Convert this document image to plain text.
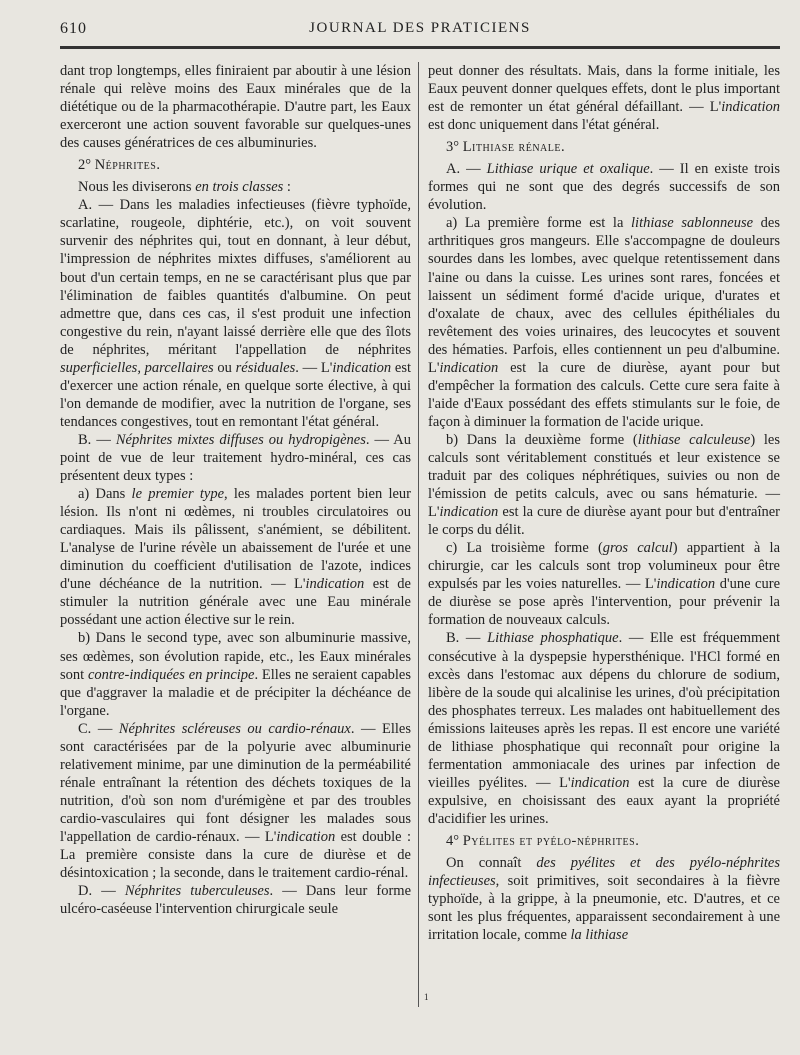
610	JOURNAL DES PRATICIENS

dant trop longtemps, elles finiraient par aboutir à une lésion rénale qui relève moins des Eaux minérales que de la diététique ou de la pharmacothérapie. D'autre part, les Eaux exerceront une action souvent favorable sur quelques-unes des causes génératrices de ces albuminuries.

2° Néphrites.

Nous les diviserons en trois classes :

A. — Dans les maladies infectieuses (fièvre typhoïde, scarlatine, rougeole, diphtérie, etc.), on voit souvent survenir des néphrites qui, tout en donnant, à leur début, l'impression de néphrites mixtes diffuses, s'améliorent au bout d'un certain temps, en ne se caractérisant plus que par l'élimination de faibles quantités d'albumine. On peut admettre que, dans ces cas, il s'est produit une infection congestive du rein, n'ayant laissé derrière elle que des îlots de néphrites, méritant l'appellation de néphrites superficielles, parcellaires ou résiduales. — L'indication est d'exercer une action rénale, en quelque sorte élective, à qui l'on demande de modifier, avec la nutrition de l'organe, ses tendances congestives, tout en remontant l'état général.

B. — Néphrites mixtes diffuses ou hydropigènes. — Au point de vue de leur traitement hydro-minéral, ces cas présentent deux types :

a) Dans le premier type, les malades portent bien leur lésion. Ils n'ont ni œdèmes, ni troubles circulatoires ou cardiaques. Mais ils pâlissent, s'anémient, se débilitent. L'analyse de l'urine révèle un abaissement de l'urée et une diminution du coefficient d'utilisation de l'azote, indices d'une déchéance de la nutrition. — L'indication est de stimuler la nutrition générale avec une Eau minérale possédant une action élective sur le rein.

b) Dans le second type, avec son albuminurie massive, ses œdèmes, son évolution rapide, etc., les Eaux minérales sont contre-indiquées en principe. Elles ne seraient capables que d'aggraver la maladie et de précipiter la déchéance de l'organe.

C. — Néphrites scléreuses ou cardio-rénaux. — Elles sont caractérisées par de la polyurie avec albuminurie relativement minime, par une diminution de la perméabilité rénale entraînant la rétention des déchets toxiques de la nutrition, d'où son nom d'urémigène et par des troubles cardio-vasculaires qui font désigner les malades sous l'appellation de cardio-rénaux. — L'indication est double : La première consiste dans la cure de diurèse et de désintoxication ; la seconde, dans le traitement cardio-rénal.

D. — Néphrites tuberculeuses. — Dans leur forme ulcéro-caséeuse l'intervention chirurgicale seule

peut donner des résultats. Mais, dans la forme initiale, les Eaux peuvent donner quelques effets, dont le plus important est de remonter un état général défaillant. — L'indication est donc uniquement dans l'état général.

3° Lithiase rénale.

A. — Lithiase urique et oxalique. — Il en existe trois formes qui ne sont que des degrés successifs de son évolution.

a) La première forme est la lithiase sablonneuse des arthritiques gros mangeurs. Elle s'accompagne de douleurs sourdes dans les lombes, avec quelque retentissement dans l'aine ou dans la cuisse. Les urines sont rares, foncées et laissent un sédiment formé d'acide urique, d'urates et d'oxalate de chaux, avec des cellules épithéliales du revêtement des voies urinaires, des leucocytes et souvent des hématies. Parfois, elles contiennent un peu d'albumine. L'indication est la cure de diurèse, ayant pour but d'empêcher la formation des calculs. Cette cure sera faite à l'aide d'Eaux possédant des effets stimulants sur le foie, de façon à diminuer la formation de l'acide urique.

b) Dans la deuxième forme (lithiase calculeuse) les calculs sont véritablement constitués et leur existence se traduit par des coliques néphrétiques, suivies ou non de l'émission de petits calculs, avec ou sans hématurie. — L'indication est la cure de diurèse ayant pour but d'entraîner le corps du délit.

c) La troisième forme (gros calcul) appartient à la chirurgie, car les calculs sont trop volumineux pour être expulsés par les voies naturelles. — L'indication d'une cure de diurèse se pose après l'intervention, pour prévenir la formation de nouveaux calculs.

B. — Lithiase phosphatique. — Elle est fréquemment consécutive à la dyspepsie hypersthénique. l'HCl formé en excès dans l'estomac aux dépens du chlorure de sodium, libère de la soude qui alcalinise les urines, d'où précipitation des phosphates terreux. Les malades ont habituellement des émissions laiteuses après les repas. Il est encore une variété de lithiase phosphatique qui reconnaît pour origine la fermentation ammoniacale des urines par infection de vieilles pyélites. — L'indication est la cure de diurèse expulsive, en choisissant des eaux ayant la propriété d'acidifier les urines.

4° Pyélites et pyélo-néphrites.

On connaît des pyélites et des pyélo-néphrites infectieuses, soit primitives, soit secondaires à la fièvre typhoïde, à la grippe, à la pneumonie, etc. D'autres, et ce sont les plus fréquentes, apparaissent secondairement à une irritation locale, comme la lithiase

1
